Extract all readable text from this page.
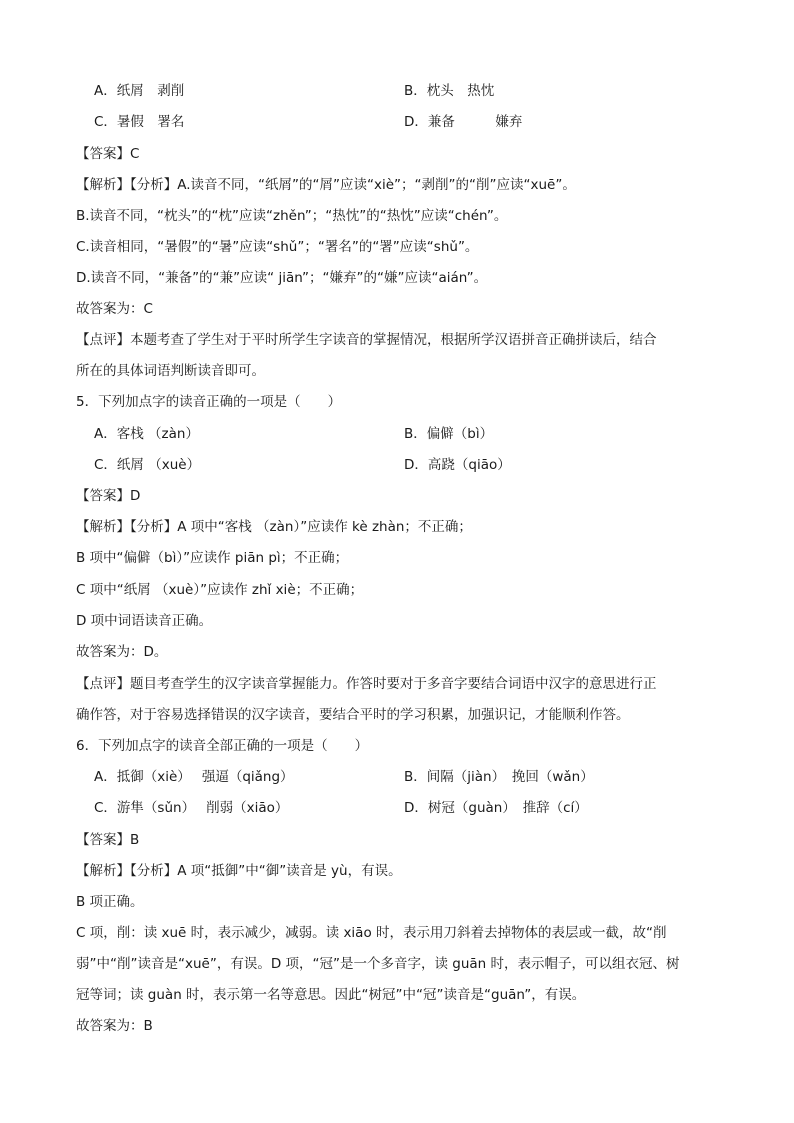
A．纸屑　剥削	B．枕头　热忱
C．暑假　署名	D．兼备　　　嫌弃
【答案】C
【解析】【分析】A.读音不同，“纸屑”的“屑”应读“xiè”；“剥削”的“削”应读“xuē”。
B.读音不同，“枕头”的“枕”应读“zhěn”；“热忱”的“热忱”应读“chén”。
C.读音相同，“暑假”的“暑”应读“shǔ”；“署名”的“署”应读“shǔ”。
D.读音不同，“兼备”的“兼”应读“ jiān”；“嫌弃”的“嫌”应读“aián”。
故答案为：C
【点评】本题考查了学生对于平时所学生字读音的掌握情况，根据所学汉语拼音正确拼读后，结合
所在的具体词语判断读音即可。
5．下列加点字的读音正确的一项是（　　）
A．客栈 （zàn）	B．偏僻（bì）
C．纸屑 （xuè）	D．高跷（qiāo）
【答案】D
【解析】【分析】A 项中“客栈 （zàn）”应读作 kè zhàn；不正确；
B 项中“偏僻（bì）”应读作 piān pì；不正确；
C 项中“纸屑 （xuè）”应读作 zhǐ xiè；不正确；
D 项中词语读音正确。
故答案为：D。
【点评】题目考查学生的汉字读音掌握能力。作答时要对于多音字要结合词语中汉字的意思进行正
确作答，对于容易选择错误的汉字读音，要结合平时的学习积累，加强识记，才能顺利作答。
6．下列加点字的读音全部正确的一项是（　　）
A．抵御（xiè）　 强逼（qiǎng）	B．间隔（jiàn）　挽回（wǎn）
C．游隼（sǔn）　 削弱（xiāo）	D．树冠（guàn）　推辞（cí）
【答案】B
【解析】【分析】A 项“抵御”中“御”读音是 yù，有误。
B 项正确。
C 项，削：读 xuē 时，表示减少，减弱。读 xiāo 时，表示用刀斜着去掉物体的表层或一截，故“削
弱”中“削”读音是“xuē”，有误。D 项，“冠”是一个多音字，读 guān 时，表示帽子，可以组衣冠、树
冠等词；读 guàn 时，表示第一名等意思。因此“树冠”中“冠”读音是“guān”，有误。
故答案为：B
